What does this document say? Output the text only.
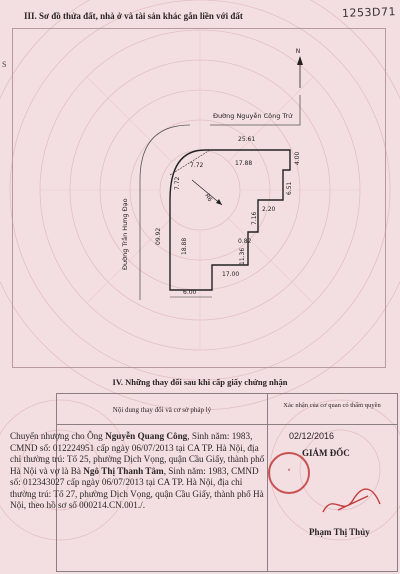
1253D71
III. Sơ đồ thửa đất, nhà ở và tài sản khác gắn liền với đất
S
N
Đường Nguyễn Công Trứ
Đường Trần Hưng Đạo
25.61
17.88	4.00
7.72
7.72
R6
18.88
09.92
6.51
2.20
7.16
0.82
11.36
17.00
6.00
IV. Những thay đổi sau khi cấp giấy chứng nhận
Nội dung thay đổi và cơ sở pháp lý
Xác nhận của cơ quan có thẩm quyền
Chuyển nhượng cho Ông Nguyễn Quang Công, Sinh năm: 1983, CMND số: 012224951 cấp ngày 06/07/2013 tại CA TP. Hà Nội, địa chỉ thường trú: Tổ 25, phường Dịch Vọng, quận Cầu Giấy, thành phố Hà Nội và vợ là Bà Ngô Thị Thanh Tâm, Sinh năm: 1983, CMND số: 012343027 cấp ngày 06/07/2013 tại CA TP. Hà Nội, địa chỉ thường trú: Tổ 27, phường Dịch Vọng, quận Cầu Giấy, thành phố Hà Nội, theo hồ sơ số 000214.CN.001./.
02/12/2016
GIÁM ĐỐC
★
Phạm Thị Thủy
